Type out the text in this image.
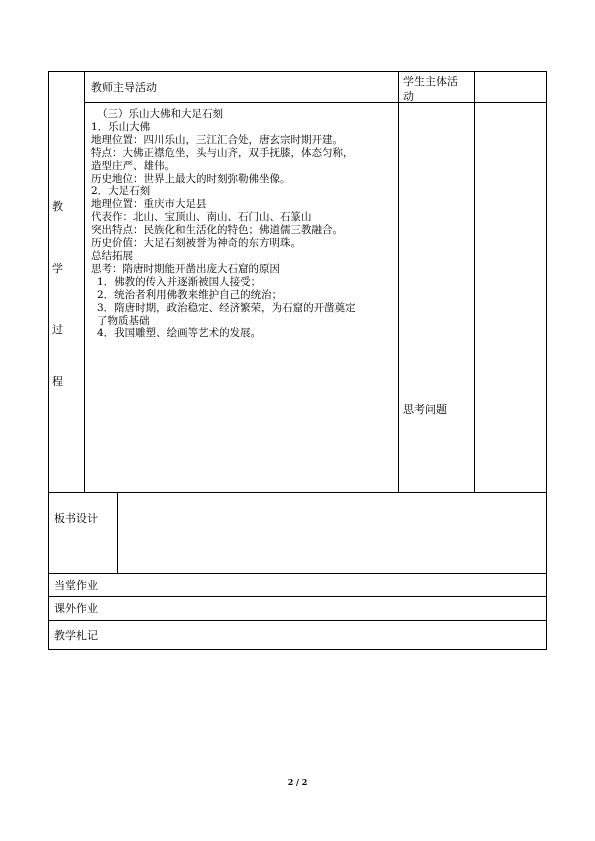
教师主导活动	学生主体活
动
教
学
过
程
（三）乐山大佛和大足石刻
1．乐山大佛
地理位置：四川乐山，三江汇合处，唐玄宗时期开建。
特点：大佛正襟危坐，头与山齐，双手抚膝，体态匀称，
造型庄严、雄伟。
历史地位：世界上最大的时刻弥勒佛坐像。
2．大足石刻
地理位置：重庆市大足县
代表作：北山、宝顶山、南山、石门山、石篆山
突出特点：民族化和生活化的特色；佛道儒三教融合。
历史价值：大足石刻被誉为神奇的东方明珠。
总结拓展
思考：隋唐时期能开凿出庞大石窟的原因
1．佛教的传入并逐渐被国人接受；
2．统治者利用佛教来维护自己的统治；
3．隋唐时期，政治稳定、经济繁荣，为石窟的开凿奠定
了物质基础
4．我国雕塑、绘画等艺术的发展。
思考问题
板书设计
当堂作业
课外作业
教学札记
2 / 2
